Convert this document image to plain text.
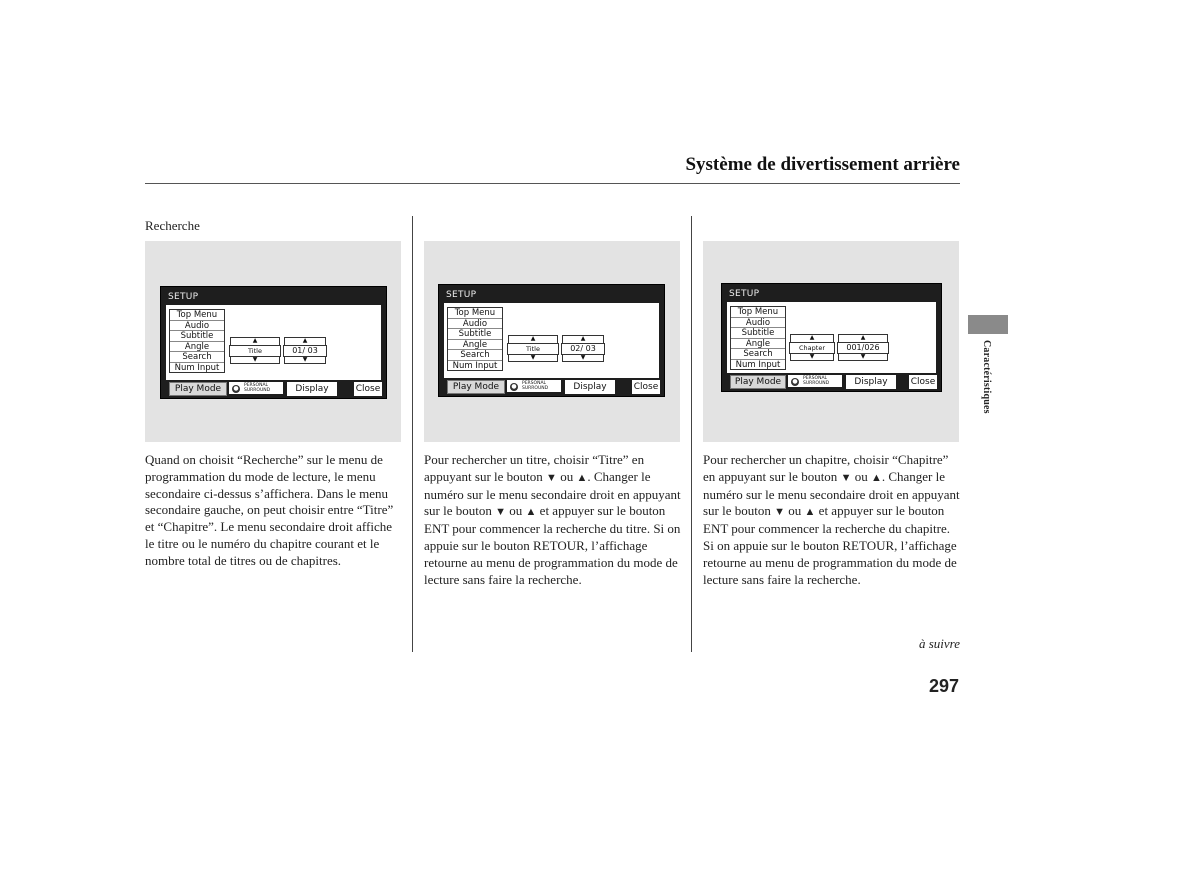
Système de divertissement arrière
Recherche
SETUP
Top Menu
Audio
Subtitle
Angle
Search
Num Input
▲
Title
▼
▲
01/ 03
▼
Play Mode	●	PERSONAL SURROUND	Display	Close
SETUP
Top Menu
Audio
Subtitle
Angle
Search
Num Input
▲
Title
▼
▲
02/ 03
▼
Play Mode	●	PERSONAL SURROUND	Display	Close
SETUP
Top Menu
Audio
Subtitle
Angle
Search
Num Input
▲
Chapter
▼
▲
001/026
▼
Play Mode	●	PERSONAL SURROUND	Display	Close
Quand on choisit “Recherche” sur le menu de programmation du mode de lecture, le menu secondaire ci-dessus s’affichera. Dans le menu secondaire gauche, on peut choisir entre “Titre” et “Chapitre”. Le menu secondaire droit affiche le titre ou le numéro du chapitre courant et le nombre total de titres ou de chapitres.
Pour rechercher un titre, choisir “Titre” en appuyant sur le bouton ▼ ou ▲. Changer le numéro sur le menu secondaire droit en appuyant sur le bouton ▼ ou ▲ et appuyer sur le bouton ENT pour commencer la recherche du titre. Si on appuie sur le bouton RETOUR, l’affichage retourne au menu de programmation du mode de lecture sans faire la recherche.
Pour rechercher un chapitre, choisir “Chapitre” en appuyant sur le bouton ▼ ou ▲. Changer le numéro sur le menu secondaire droit en appuyant sur le bouton ▼ ou ▲ et appuyer sur le bouton ENT pour commencer la recherche du chapitre. Si on appuie sur le bouton RETOUR, l’affichage retourne au menu de programmation du mode de lecture sans faire la recherche.
à suivre
297
Caractéristiques
